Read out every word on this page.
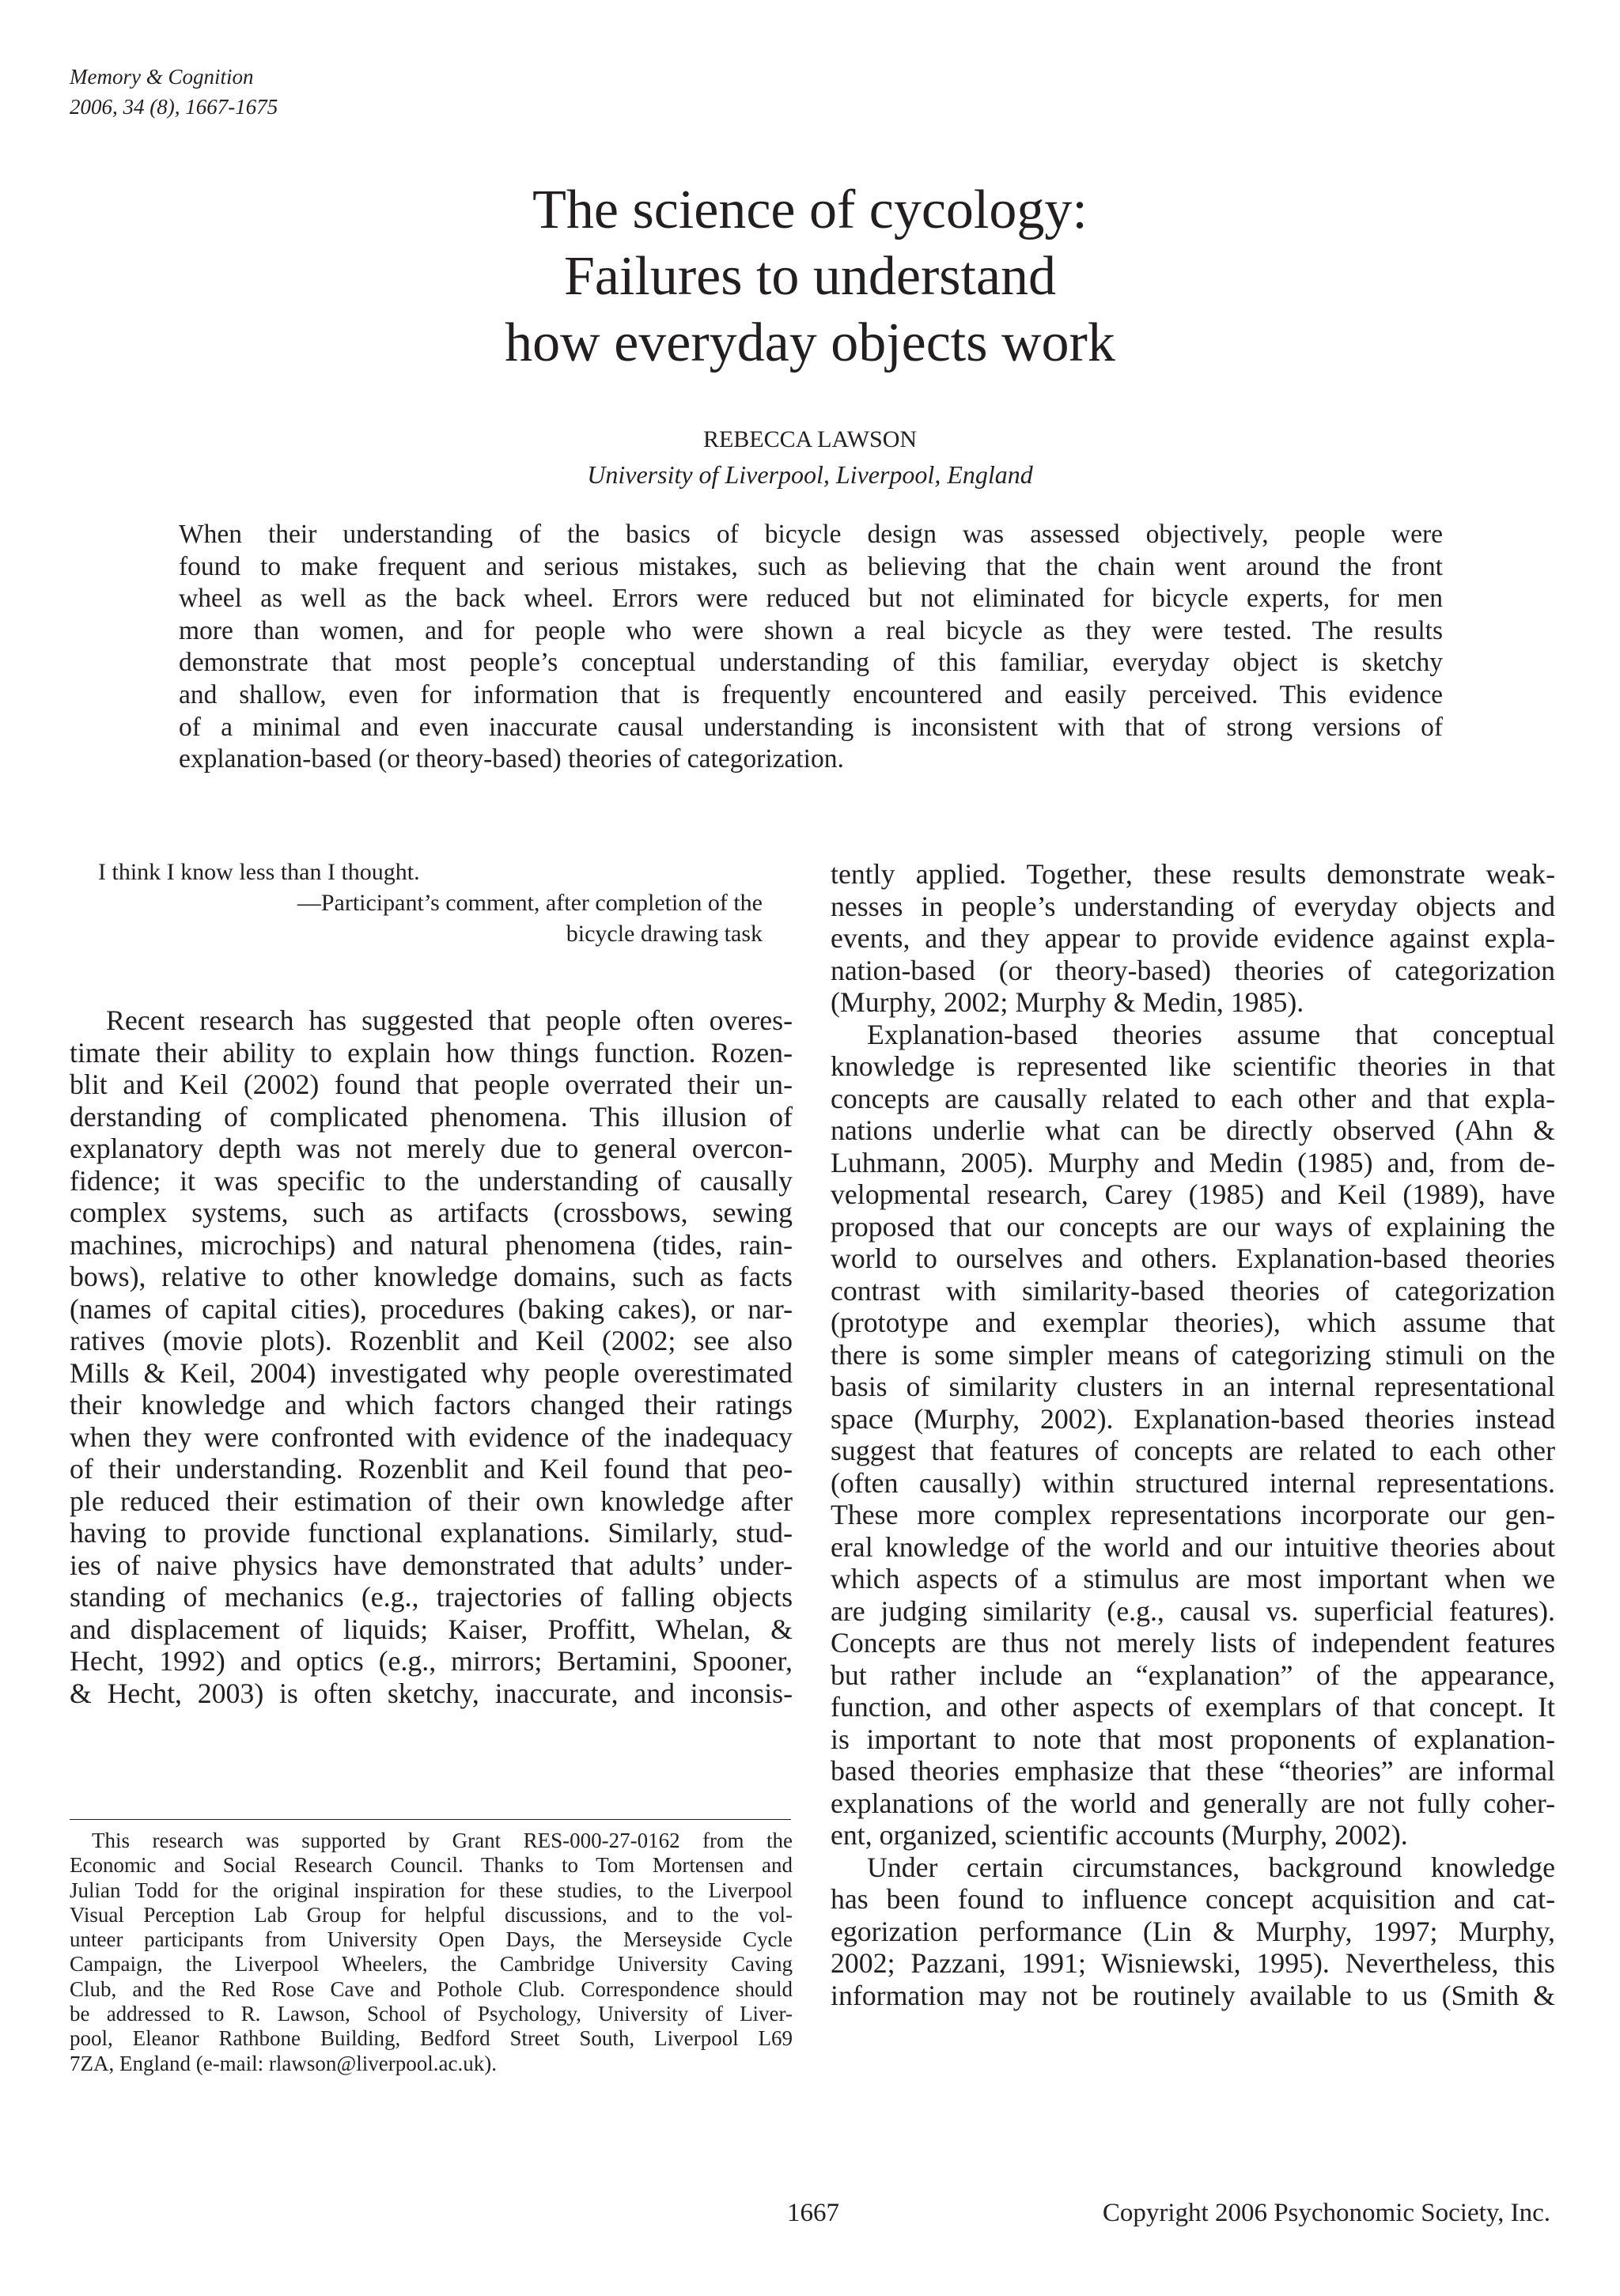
Memory & Cognition
2006, 34 (8), 1667-1675
The science of cycology:
Failures to understand
how everyday objects work
REBECCA LAWSON
University of Liverpool, Liverpool, England
When their understanding of the basics of bicycle design was assessed objectively, people were
found to make frequent and serious mistakes, such as believing that the chain went around the front
wheel as well as the back wheel. Errors were reduced but not eliminated for bicycle experts, for men
more than women, and for people who were shown a real bicycle as they were tested. The results
demonstrate that most people’s conceptual understanding of this familiar, everyday object is sketchy
and shallow, even for information that is frequently encountered and easily perceived. This evidence
of a minimal and even inaccurate causal understanding is inconsistent with that of strong versions of
explanation-based (or theory-based) theories of categorization.
I think I know less than I thought.
—Participant’s comment, after completion of the
bicycle drawing task
Recent research has suggested that people often overes-
timate their ability to explain how things function. Rozen-
blit and Keil (2002) found that people overrated their un-
derstanding of complicated phenomena. This illusion of
explanatory depth was not merely due to general overcon-
fidence; it was specific to the understanding of causally
complex systems, such as artifacts (crossbows, sewing
machines, microchips) and natural phenomena (tides, rain-
bows), relative to other knowledge domains, such as facts
(names of capital cities), procedures (baking cakes), or nar-
ratives (movie plots). Rozenblit and Keil (2002; see also
Mills & Keil, 2004) investigated why people overestimated
their knowledge and which factors changed their ratings
when they were confronted with evidence of the inadequacy
of their understanding. Rozenblit and Keil found that peo-
ple reduced their estimation of their own knowledge after
having to provide functional explanations. Similarly, stud-
ies of naive physics have demonstrated that adults’ under-
standing of mechanics (e.g., trajectories of falling objects
and displacement of liquids; Kaiser, Proffitt, Whelan, &
Hecht, 1992) and optics (e.g., mirrors; Bertamini, Spooner,
& Hecht, 2003) is often sketchy, inaccurate, and inconsis-
This research was supported by Grant RES-000-27-0162 from the
Economic and Social Research Council. Thanks to Tom Mortensen and
Julian Todd for the original inspiration for these studies, to the Liverpool
Visual Perception Lab Group for helpful discussions, and to the vol-
unteer participants from University Open Days, the Merseyside Cycle
Campaign, the Liverpool Wheelers, the Cambridge University Caving
Club, and the Red Rose Cave and Pothole Club. Correspondence should
be addressed to R. Lawson, School of Psychology, University of Liver-
pool, Eleanor Rathbone Building, Bedford Street South, Liverpool L69
7ZA, England (e-mail: rlawson@liverpool.ac.uk).
tently applied. Together, these results demonstrate weak-
nesses in people’s understanding of everyday objects and
events, and they appear to provide evidence against expla-
nation-based (or theory-based) theories of categorization
(Murphy, 2002; Murphy & Medin, 1985).
Explanation-based theories assume that conceptual
knowledge is represented like scientific theories in that
concepts are causally related to each other and that expla-
nations underlie what can be directly observed (Ahn &
Luhmann, 2005). Murphy and Medin (1985) and, from de-
velopmental research, Carey (1985) and Keil (1989), have
proposed that our concepts are our ways of explaining the
world to ourselves and others. Explanation-based theories
contrast with similarity-based theories of categorization
(prototype and exemplar theories), which assume that
there is some simpler means of categorizing stimuli on the
basis of similarity clusters in an internal representational
space (Murphy, 2002). Explanation-based theories instead
suggest that features of concepts are related to each other
(often causally) within structured internal representations.
These more complex representations incorporate our gen-
eral knowledge of the world and our intuitive theories about
which aspects of a stimulus are most important when we
are judging similarity (e.g., causal vs. superficial features).
Concepts are thus not merely lists of independent features
but rather include an “explanation” of the appearance,
function, and other aspects of exemplars of that concept. It
is important to note that most proponents of explanation-
based theories emphasize that these “theories” are informal
explanations of the world and generally are not fully coher-
ent, organized, scientific accounts (Murphy, 2002).
Under certain circumstances, background knowledge
has been found to influence concept acquisition and cat-
egorization performance (Lin & Murphy, 1997; Murphy,
2002; Pazzani, 1991; Wisniewski, 1995). Nevertheless, this
information may not be routinely available to us (Smith &
1667	Copyright 2006 Psychonomic Society, Inc.
